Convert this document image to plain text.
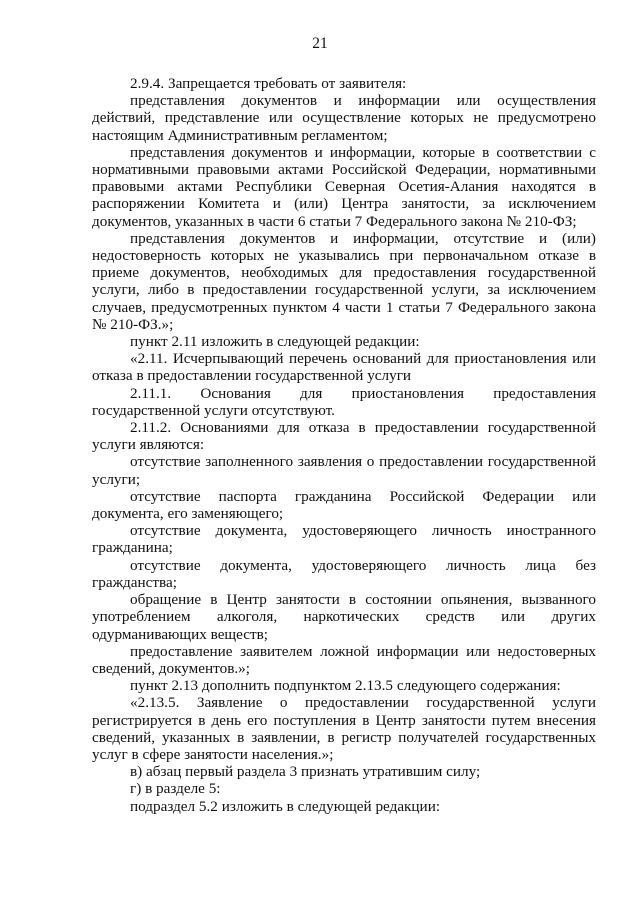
21

2.9.4. Запрещается требовать от заявителя:

представления документов и информации или осуществления действий, представление или осуществление которых не предусмотрено настоящим Административным регламентом;

представления документов и информации, которые в соответствии с нормативными правовыми актами Российской Федерации, нормативными правовыми актами Республики Северная Осетия-Алания находятся в распоряжении Комитета и (или) Центра занятости, за исключением документов, указанных в части 6 статьи 7 Федерального закона № 210-ФЗ;

представления документов и информации, отсутствие и (или) недостоверность которых не указывались при первоначальном отказе в приеме документов, необходимых для предоставления государственной услуги, либо в предоставлении государственной услуги, за исключением случаев, предусмотренных пунктом 4 части 1 статьи 7 Федерального закона № 210-ФЗ.»;

пункт 2.11 изложить в следующей редакции:

«2.11. Исчерпывающий перечень оснований для приостановления или отказа в предоставлении государственной услуги

2.11.1. Основания для приостановления предоставления государственной услуги отсутствуют.

2.11.2. Основаниями для отказа в предоставлении государственной услуги являются:

отсутствие заполненного заявления о предоставлении государственной услуги;

отсутствие паспорта гражданина Российской Федерации или документа, его заменяющего;

отсутствие документа, удостоверяющего личность иностранного гражданина;

отсутствие документа, удостоверяющего личность лица без гражданства;

обращение в Центр занятости в состоянии опьянения, вызванного употреблением алкоголя, наркотических средств или других одурманивающих веществ;

предоставление заявителем ложной информации или недостоверных сведений, документов.»;

пункт 2.13 дополнить подпунктом 2.13.5 следующего содержания:

«2.13.5. Заявление о предоставлении государственной услуги регистрируется в день его поступления в Центр занятости путем внесения сведений, указанных в заявлении, в регистр получателей государственных услуг в сфере занятости населения.»;

в) абзац первый раздела 3 признать утратившим силу;

г) в разделе 5:

подраздел 5.2 изложить в следующей редакции:
